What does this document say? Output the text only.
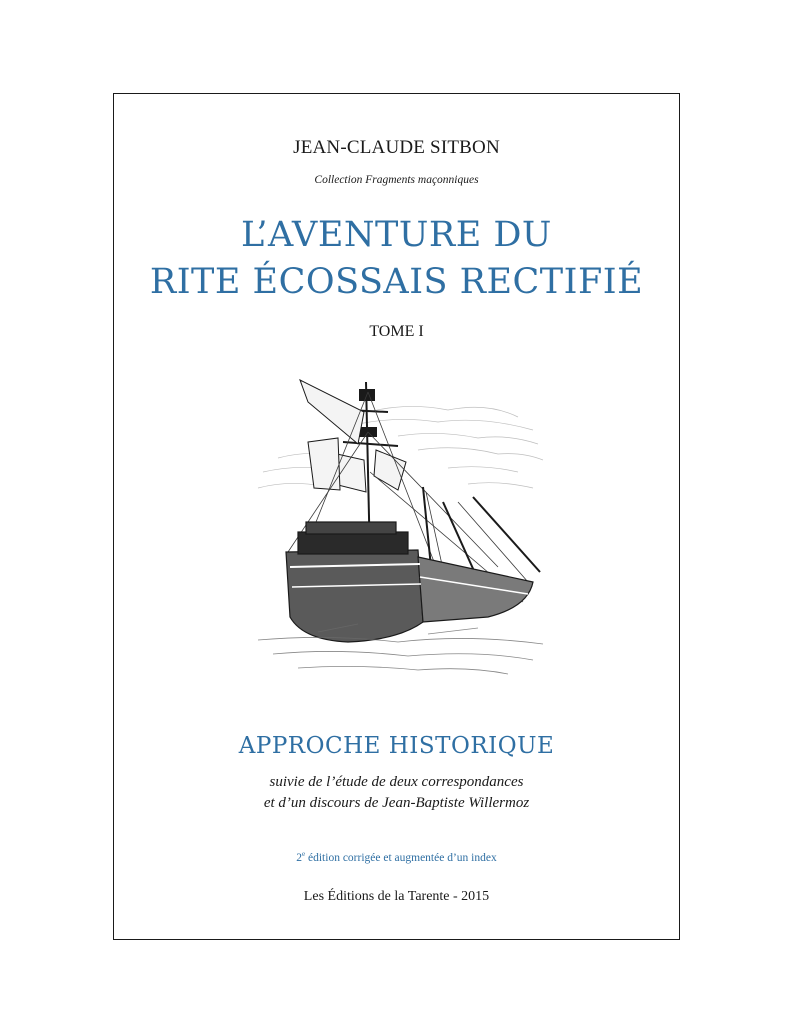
JEAN-CLAUDE SITBON
Collection Fragments maçonniques
L’AVENTURE DU
RITE ÉCOSSAIS RECTIFIÉ
TOME I
APPROCHE HISTORIQUE
suivie de l’étude de deux correspondances
et d’un discours de Jean-Baptiste Willermoz
2e édition corrigée et augmentée d’un index
Les Éditions de la Tarente - 2015
